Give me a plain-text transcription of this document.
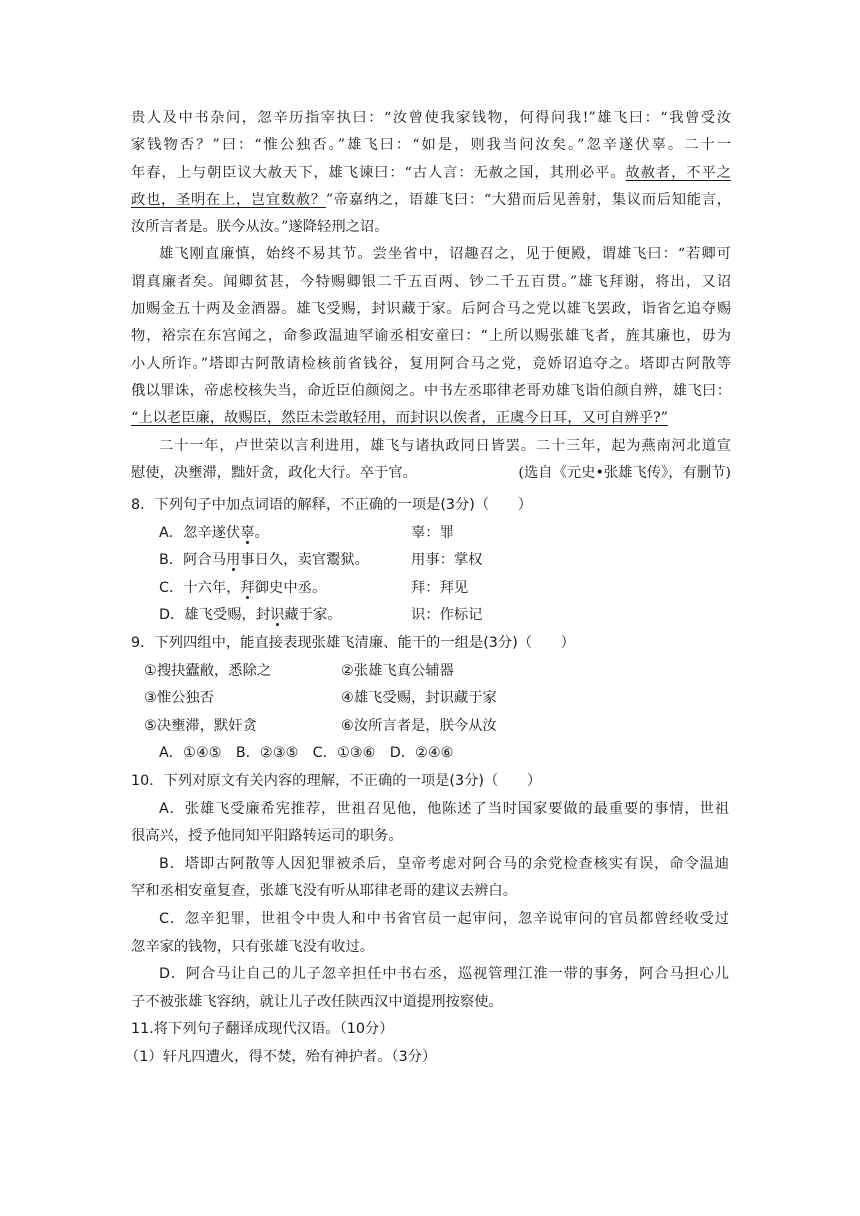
贵人及中书杂问，忽辛历指宰执曰：“汝曾使我家钱物，何得问我!”雄飞曰：“我曾受汝
家钱物否？”曰：“惟公独否。”雄飞曰：“如是，则我当问汝矣。”忽辛遂伏辜。二十一
年春，上与朝臣议大赦天下，雄飞谏曰：“古人言：无赦之国，其刑必平。故赦者，不平之
政也，圣明在上，岂宜数赦？”帝嘉纳之，语雄飞曰：“大猎而后见善射，集议而后知能言，
汝所言者是。朕今从汝。”遂降轻刑之诏。
雄飞刚直廉慎，始终不易其节。尝坐省中，诏趣召之，见于便殿，谓雄飞曰：“若卿可
谓真廉者矣。闻卿贫甚，今特赐卿银二千五百两、钞二千五百贯。”雄飞拜谢，将出，又诏
加赐金五十两及金酒器。雄飞受赐，封识藏于家。后阿合马之党以雄飞罢政，诣省乞追夺赐
物，裕宗在东宫闻之，命参政温迪罕谕丞相安童曰：“上所以赐张雄飞者，旌其廉也，毋为
小人所诈。”塔即古阿散请检核前省钱谷，复用阿合马之党，竞娇诏追夺之。塔即古阿散等
俄以罪诛，帝虑校核失当，命近臣伯颜阅之。中书左丞耶律老哥劝雄飞诣伯颜自辨，雄飞曰：
“上以老臣廉，故赐臣，然臣未尝敢轻用，而封识以俟者，正虞今日耳，又可自辨乎?”
二十一年，卢世荣以言利进用，雄飞与诸执政同日皆罢。二十三年，起为燕南河北道宣
慰使，决壅滞，黜奸贪，政化大行。卒于官。	(选自《元史•张雄飞传》，有删节)
8．下列句子中加点词语的解释，不正确的一项是(3分)（　　）
A．忽辛遂伏辜。	辜：罪
B．阿合马用事日久，卖官鬻狱。	用事：掌权
C．十六年，拜御史中丞。	拜：拜见
D．雄飞受赐，封识藏于家。	识：作标记
9．下列四组中，能直接表现张雄飞清廉、能干的一组是(3分)（　　）
①搜抉蠹敝，悉除之	②张雄飞真公辅器
③惟公独否	④雄飞受赐，封识藏于家
⑤决壅滞，默奸贪	⑥汝所言者是，朕今从汝
A．①④⑤　B．②③⑤　C．①③⑥　D．②④⑥
10．下列对原文有关内容的理解，不正确的一项是(3分)（　　）
A．张雄飞受廉希宪推荐，世祖召见他，他陈述了当时国家要做的最重要的事情，世祖
很高兴，授予他同知平阳路转运司的职务。
B．塔即古阿散等人因犯罪被杀后，皇帝考虑对阿合马的余党检查核实有误，命令温迪
罕和丞相安童复查，张雄飞没有听从耶律老哥的建议去辨白。
C．忽辛犯罪，世祖令中贵人和中书省官员一起审问，忽辛说审问的官员都曾经收受过
忽辛家的钱物，只有张雄飞没有收过。
D．阿合马让自己的儿子忽辛担任中书右丞，巡视管理江淮一带的事务，阿合马担心儿
子不被张雄飞容纳，就让儿子改任陕西汉中道提刑按察使。
11.将下列句子翻译成现代汉语。（10分）
（1）轩凡四遭火，得不焚，殆有神护者。（3分）
